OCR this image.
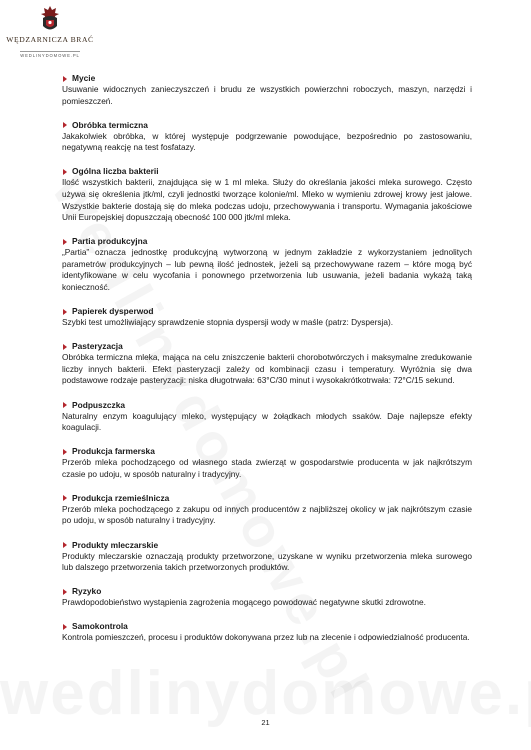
WĘDZARNICZA BRAĆ
WEDLINYDOMOWE.PL
Mycie

Usuwanie widocznych zanieczyszczeń i brudu ze wszystkich powierzchni roboczych, maszyn, narzędzi i pomieszczeń.

Obróbka termiczna

Jakakolwiek obróbka, w której występuje podgrzewanie powodujące, bezpośrednio po zastosowaniu, negatywną reakcję na test fosfatazy.

Ogólna liczba bakterii

Ilość wszystkich bakterii, znajdująca się w 1 ml mleka. Służy do określania jakości mleka surowego. Często używa się określenia jtk/ml, czyli jednostki tworzące kolonie/ml. Mleko w wymieniu zdrowej krowy jest jałowe. Wszystkie bakterie dostają się do mleka podczas udoju, przechowywania i transportu. Wymagania jakościowe Unii Europejskiej dopuszczają obecność 100 000 jtk/ml mleka.

Partia produkcyjna

„Partia” oznacza jednostkę produkcyjną wytworzoną w jednym zakładzie z wykorzystaniem jednolitych parametrów produkcyjnych – lub pewną ilość jednostek, jeżeli są przechowywane razem – które mogą być identyfikowane w celu wycofania i ponownego przetworzenia lub usuwania, jeżeli badania wykażą taką konieczność.

Papierek dysperwod

Szybki test umożliwiający sprawdzenie stopnia dyspersji wody w maśle (patrz: Dyspersja).

Pasteryzacja

Obróbka termiczna mleka, mająca na celu zniszczenie bakterii chorobotwórczych i maksymalne zredukowanie liczby innych bakterii. Efekt pasteryzacji zależy od kombinacji czasu i temperatury. Wyróżnia się dwa podstawowe rodzaje pasteryzacji: niska długotrwała: 63°C/30 minut i wysokakrótkotrwała: 72°C/15 sekund.

Podpuszczka

Naturalny enzym koagulujący mleko, występujący w żołądkach młodych ssaków. Daje najlepsze efekty koagulacji.

Produkcja farmerska

Przerób mleka pochodzącego od własnego stada zwierząt w gospodarstwie producenta w jak najkrótszym czasie po udoju, w sposób naturalny i tradycyjny.

Produkcja rzemieślnicza

Przerób mleka pochodzącego z zakupu od innych producentów z najbliższej okolicy w jak najkrótszym czasie po udoju, w sposób naturalny i tradycyjny.

Produkty mleczarskie

Produkty mleczarskie oznaczają produkty przetworzone, uzyskane w wyniku przetworzenia mleka surowego lub dalszego przetworzenia takich przetworzonych produktów.

Ryzyko

Prawdopodobieństwo wystąpienia zagrożenia mogącego powodować negatywne skutki zdrowotne.

Samokontrola

Kontrola pomieszczeń, procesu i produktów dokonywana przez lub na zlecenie i odpowiedzialność producenta.

21
